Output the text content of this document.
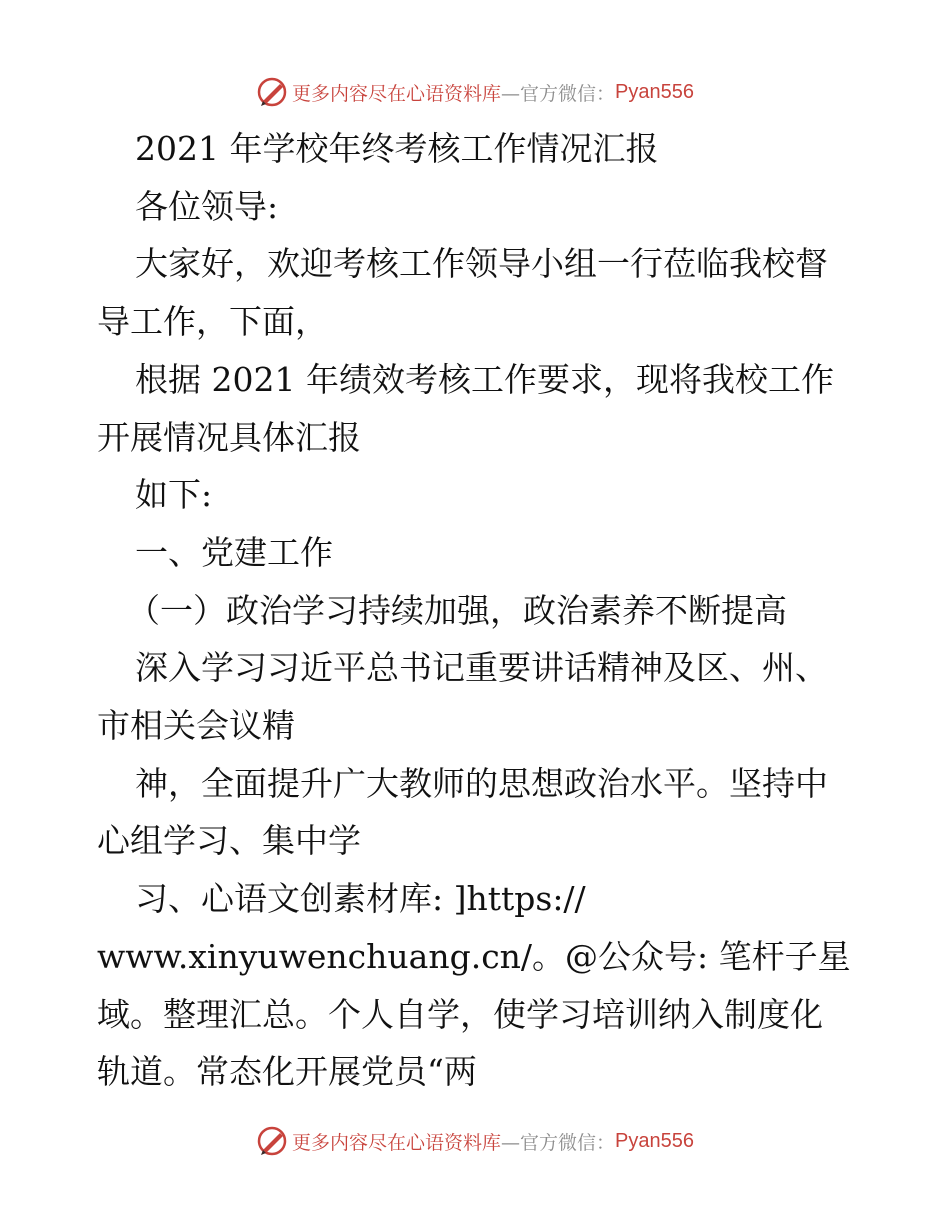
更多内容尽在心语资料库 —官方微信： Pyan556

2021 年学校年终考核工作情况汇报

各位领导:

大家好，欢迎考核工作领导小组一行莅临我校督

导工作，下面，

根据 2021 年绩效考核工作要求，现将我校工作

开展情况具体汇报

如下:

一、党建工作

（一）政治学习持续加强，政治素养不断提高

深入学习习近平总书记重要讲话精神及区、州、

市相关会议精

神，全面提升广大教师的思想政治水平。坚持中

心组学习、集中学

习、心语文创素材库: ]https://

www.xinyuwenchuang.cn/。@公众号: 笔杆子星

域。整理汇总。个人自学，使学习培训纳入制度化

轨道。常态化开展党员“两

更多内容尽在心语资料库 —官方微信： Pyan556
